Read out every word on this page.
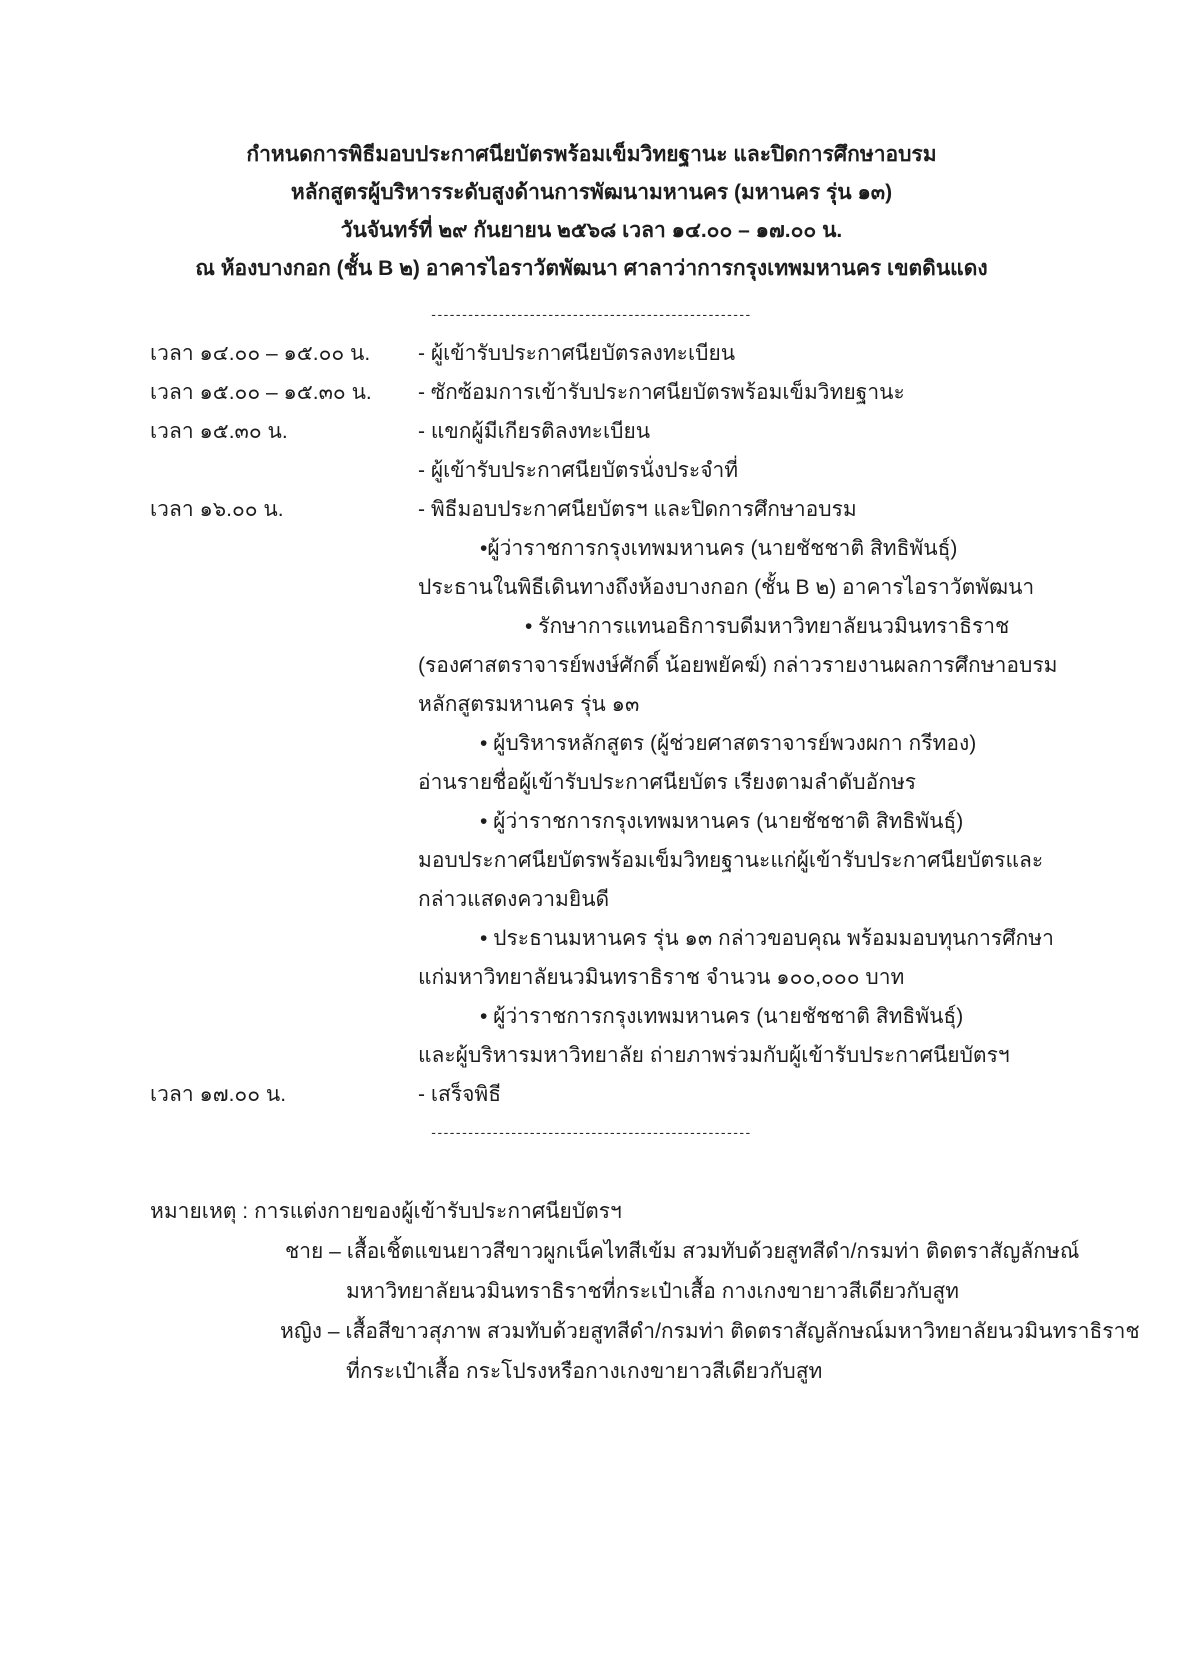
กำหนดการพิธีมอบประกาศนียบัตรพร้อมเข็มวิทยฐานะ และปิดการศึกษาอบรม
หลักสูตรผู้บริหารระดับสูงด้านการพัฒนามหานคร (มหานคร รุ่น ๑๓)
วันจันทร์ที่ ๒๙ กันยายน ๒๕๖๘ เวลา ๑๔.๐๐ – ๑๗.๐๐ น.
ณ ห้องบางกอก (ชั้น B ๒) อาคารไอราวัตพัฒนา ศาลาว่าการกรุงเทพมหานคร เขตดินแดง
----------------------------------------------------
เวลา ๑๔.๐๐ – ๑๕.๐๐ น.	- ผู้เข้ารับประกาศนียบัตรลงทะเบียน
เวลา ๑๕.๐๐ – ๑๕.๓๐ น.	- ซักซ้อมการเข้ารับประกาศนียบัตรพร้อมเข็มวิทยฐานะ
เวลา ๑๕.๓๐ น.	- แขกผู้มีเกียรติลงทะเบียน
- ผู้เข้ารับประกาศนียบัตรนั่งประจำที่
เวลา ๑๖.๐๐ น.	- พิธีมอบประกาศนียบัตรฯ และปิดการศึกษาอบรม
•ผู้ว่าราชการกรุงเทพมหานคร (นายชัชชาติ สิทธิพันธุ์)
ประธานในพิธีเดินทางถึงห้องบางกอก (ชั้น B ๒) อาคารไอราวัตพัฒนา
• รักษาการแทนอธิการบดีมหาวิทยาลัยนวมินทราธิราช
(รองศาสตราจารย์พงษ์ศักดิ์ น้อยพยัคฆ์) กล่าวรายงานผลการศึกษาอบรม
หลักสูตรมหานคร รุ่น ๑๓
• ผู้บริหารหลักสูตร (ผู้ช่วยศาสตราจารย์พวงผกา กรีทอง)
อ่านรายชื่อผู้เข้ารับประกาศนียบัตร เรียงตามลำดับอักษร
• ผู้ว่าราชการกรุงเทพมหานคร (นายชัชชาติ สิทธิพันธุ์)
มอบประกาศนียบัตรพร้อมเข็มวิทยฐานะแก่ผู้เข้ารับประกาศนียบัตรและ
กล่าวแสดงความยินดี
• ประธานมหานคร รุ่น ๑๓ กล่าวขอบคุณ พร้อมมอบทุนการศึกษา
แก่มหาวิทยาลัยนวมินทราธิราช จำนวน ๑๐๐,๐๐๐ บาท
• ผู้ว่าราชการกรุงเทพมหานคร (นายชัชชาติ สิทธิพันธุ์)
และผู้บริหารมหาวิทยาลัย ถ่ายภาพร่วมกับผู้เข้ารับประกาศนียบัตรฯ
เวลา ๑๗.๐๐ น.	- เสร็จพิธี
----------------------------------------------------
หมายเหตุ : การแต่งกายของผู้เข้ารับประกาศนียบัตรฯ
ชาย – เสื้อเชิ้ตแขนยาวสีขาวผูกเน็คไทสีเข้ม สวมทับด้วยสูทสีดำ/กรมท่า ติดตราสัญลักษณ์
มหาวิทยาลัยนวมินทราธิราชที่กระเป๋าเสื้อ กางเกงขายาวสีเดียวกับสูท
หญิง – เสื้อสีขาวสุภาพ สวมทับด้วยสูทสีดำ/กรมท่า ติดตราสัญลักษณ์มหาวิทยาลัยนวมินทราธิราช
ที่กระเป๋าเสื้อ กระโปรงหรือกางเกงขายาวสีเดียวกับสูท
